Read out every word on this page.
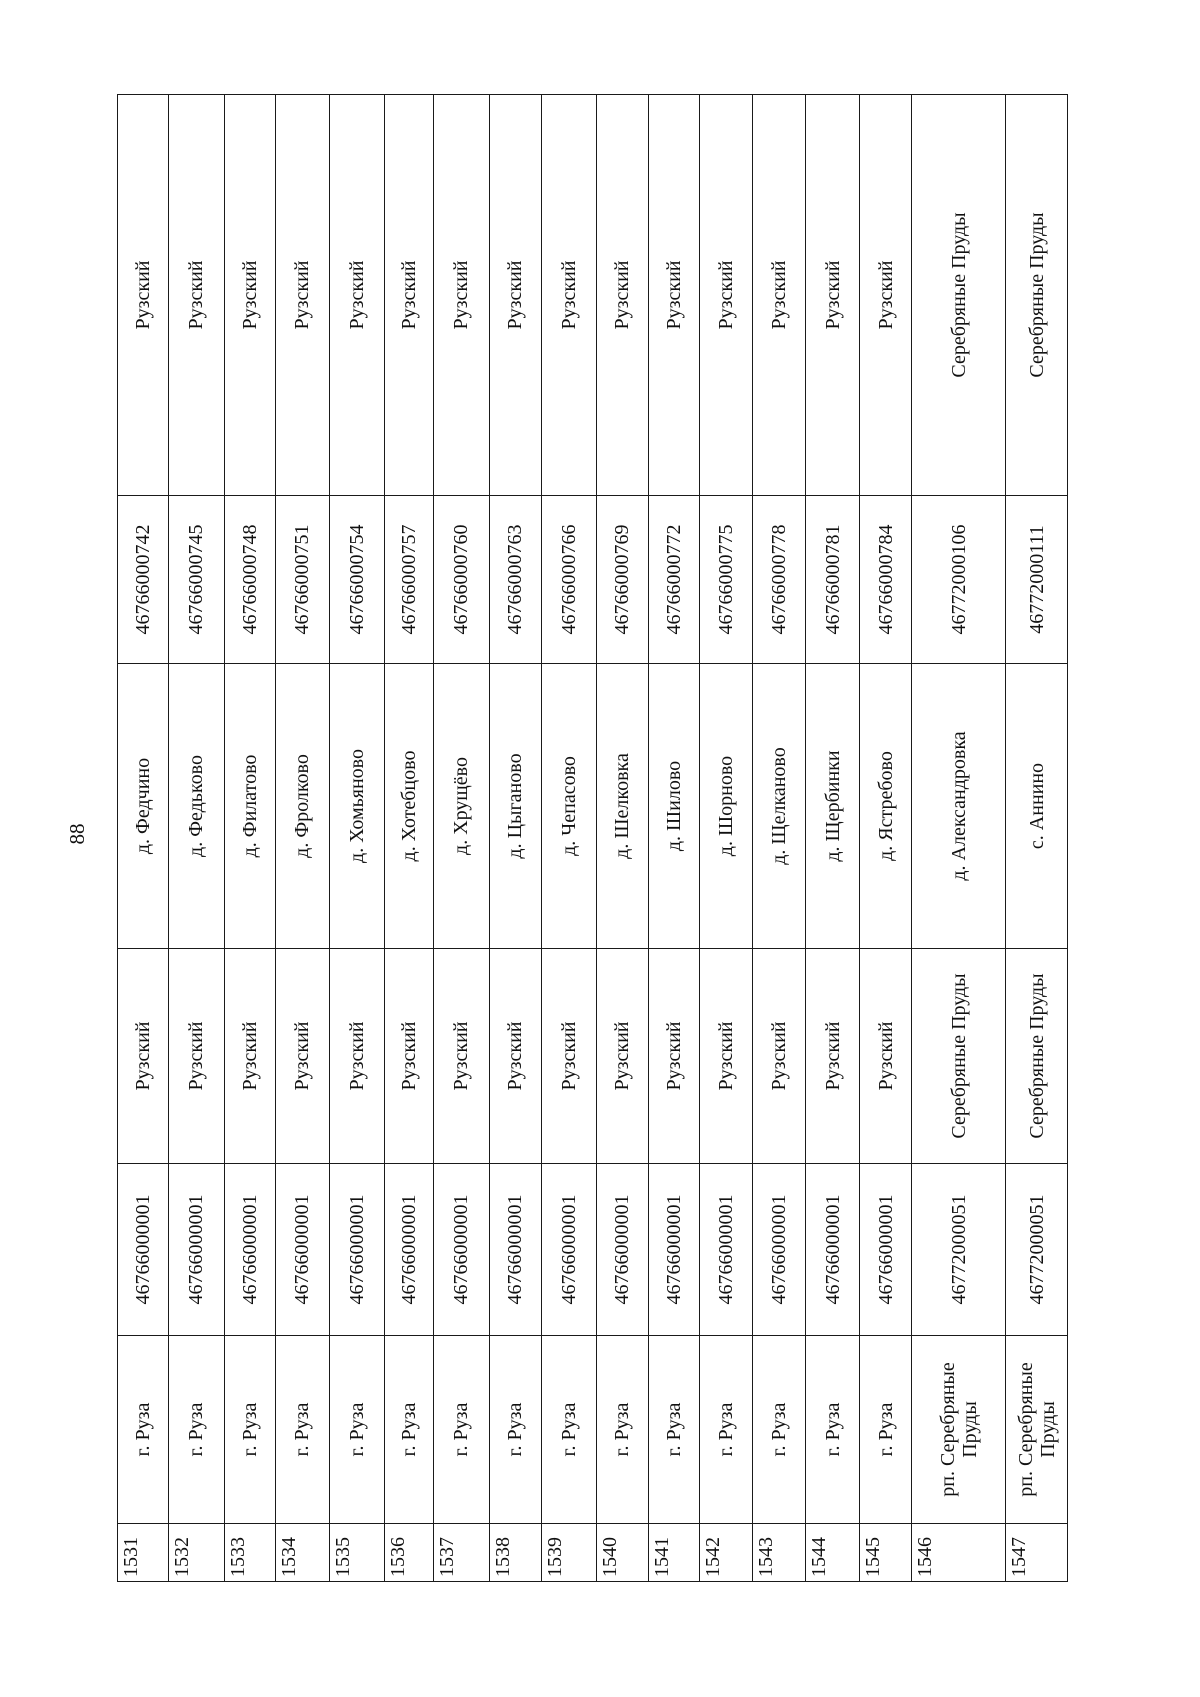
88
1531	г. Руза	46766000001	Рузский	д. Федчино	46766000742	Рузский
1532	г. Руза	46766000001	Рузский	д. Федьково	46766000745	Рузский
1533	г. Руза	46766000001	Рузский	д. Филатово	46766000748	Рузский
1534	г. Руза	46766000001	Рузский	д. Фролково	46766000751	Рузский
1535	г. Руза	46766000001	Рузский	д. Хомьяново	46766000754	Рузский
1536	г. Руза	46766000001	Рузский	д. Хотебцово	46766000757	Рузский
1537	г. Руза	46766000001	Рузский	д. Хрущёво	46766000760	Рузский
1538	г. Руза	46766000001	Рузский	д. Цыганово	46766000763	Рузский
1539	г. Руза	46766000001	Рузский	д. Чепасово	46766000766	Рузский
1540	г. Руза	46766000001	Рузский	д. Шелковка	46766000769	Рузский
1541	г. Руза	46766000001	Рузский	д. Шилово	46766000772	Рузский
1542	г. Руза	46766000001	Рузский	д. Шорново	46766000775	Рузский
1543	г. Руза	46766000001	Рузский	д. Щелканово	46766000778	Рузский
1544	г. Руза	46766000001	Рузский	д. Щербинки	46766000781	Рузский
1545	г. Руза	46766000001	Рузский	д. Ястребово	46766000784	Рузский
1546	рп. Серебряные Пруды	46772000051	Серебряные Пруды	д. Александровка	46772000106	Серебряные Пруды
1547	рп. Серебряные Пруды	46772000051	Серебряные Пруды	с. Аннино	46772000111	Серебряные Пруды
